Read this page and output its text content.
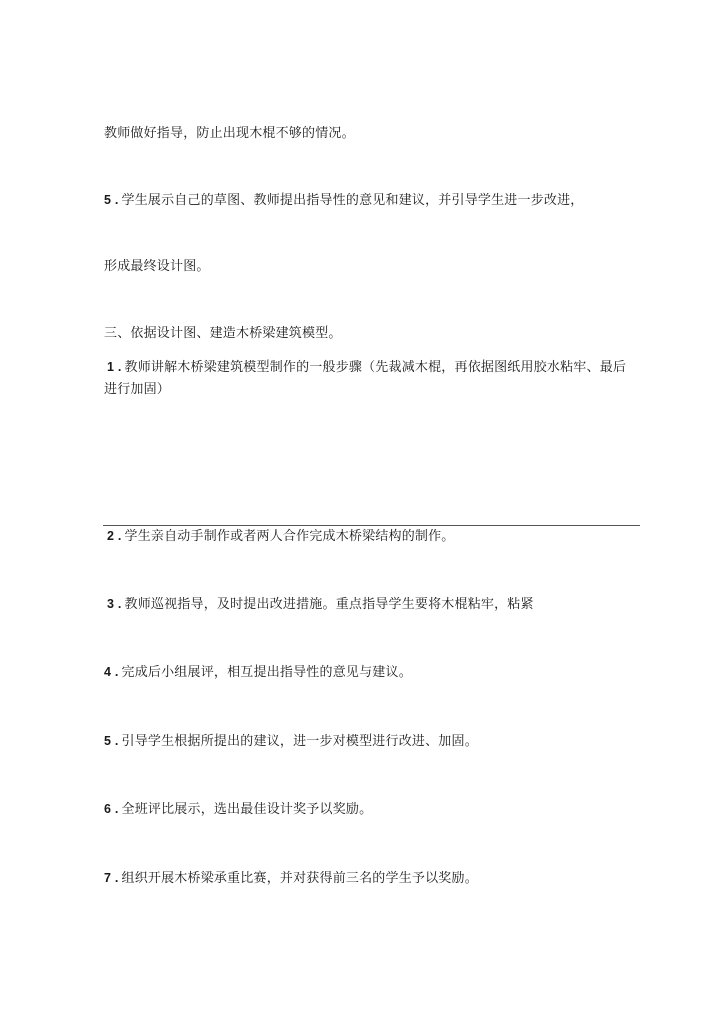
教师做好指导，防止出现木棍不够的情况。
5 . 学生展示自己的草图、教师提出指导性的意见和建议，并引导学生进一步改进，
形成最终设计图。
三、依据设计图、建造木桥梁建筑模型。
1 . 教师讲解木桥梁建筑模型制作的一般步骤（先裁减木棍，再依据图纸用胶水粘牢、最后
进行加固）
2 . 学生亲自动手制作或者两人合作完成木桥梁结构的制作。
3 . 教师巡视指导，及时提出改进措施。重点指导学生要将木棍粘牢，粘紧
4 . 完成后小组展评，相互提出指导性的意见与建议。
5 . 引导学生根据所提出的建议，进一步对模型进行改进、加固。
6 . 全班评比展示，选出最佳设计奖予以奖励。
7 . 组织开展木桥梁承重比赛，并对获得前三名的学生予以奖励。
